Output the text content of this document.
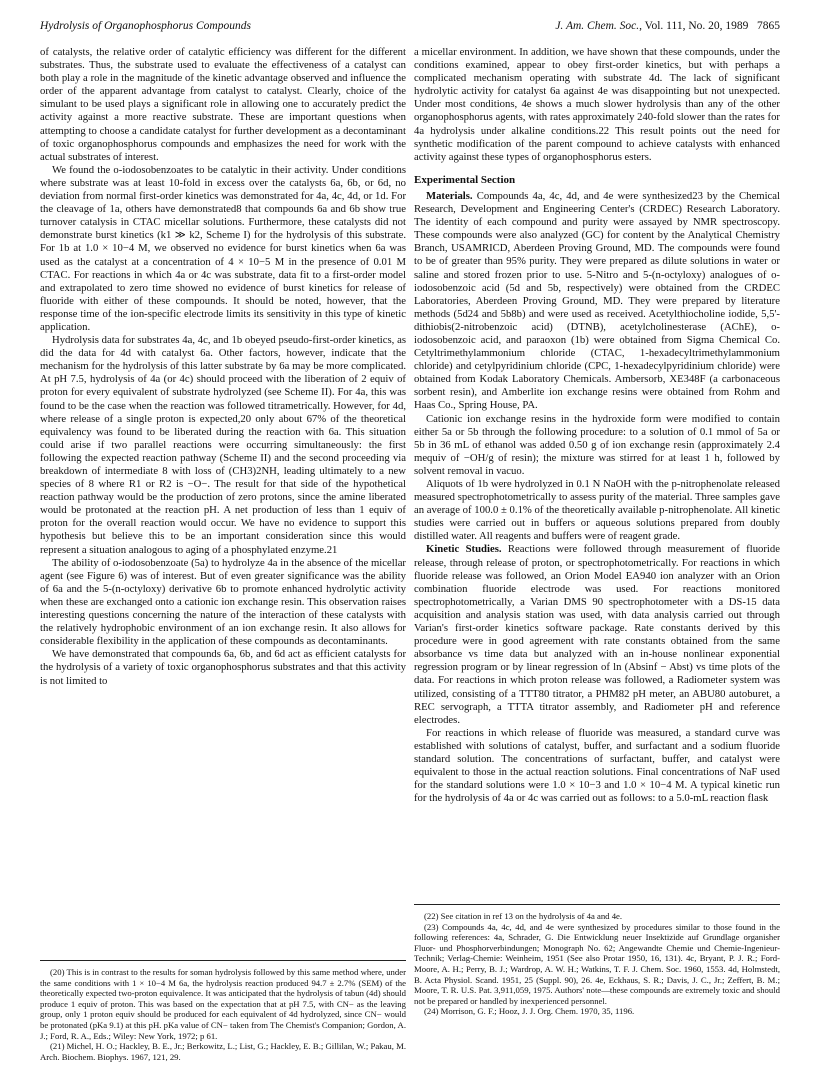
Hydrolysis of Organophosphorus Compounds	J. Am. Chem. Soc., Vol. 111, No. 20, 1989 7865

of catalysts, the relative order of catalytic efficiency was different for the different substrates. Thus, the substrate used to evaluate the effectiveness of a catalyst can both play a role in the magnitude of the kinetic advantage observed and influence the order of the apparent advantage from catalyst to catalyst. Clearly, choice of the simulant to be used plays a significant role in allowing one to accurately predict the activity against a more reactive substrate. These are important questions when attempting to choose a candidate catalyst for further development as a decontaminant of toxic organophosphorus compounds and emphasizes the need for work with the actual substrates of interest.

We found the o-iodosobenzoates to be catalytic in their activity. Under conditions where substrate was at least 10-fold in excess over the catalysts 6a, 6b, or 6d, no deviation from normal first-order kinetics was demonstrated for 4a, 4c, 4d, or 1d. For the cleavage of 1a, others have demonstrated8 that compounds 6a and 6b show true turnover catalysis in CTAC micellar solutions. Furthermore, these catalysts did not demonstrate burst kinetics (k1 ≫ k2, Scheme I) for the hydrolysis of this substrate. For 1b at 1.0 × 10−4 M, we observed no evidence for burst kinetics when 6a was used as the catalyst at a concentration of 4 × 10−5 M in the presence of 0.01 M CTAC. For reactions in which 4a or 4c was substrate, data fit to a first-order model and extrapolated to zero time showed no evidence of burst kinetics for release of fluoride with either of these compounds. It should be noted, however, that the response time of the ion-specific electrode limits its sensitivity in this type of kinetic application.

Hydrolysis data for substrates 4a, 4c, and 1b obeyed pseudo-first-order kinetics, as did the data for 4d with catalyst 6a. Other factors, however, indicate that the mechanism for the hydrolysis of this latter substrate by 6a may be more complicated. At pH 7.5, hydrolysis of 4a (or 4c) should proceed with the liberation of 2 equiv of proton for every equivalent of substrate hydrolyzed (see Scheme II). For 4a, this was found to be the case when the reaction was followed titrametrically. However, for 4d, where release of a single proton is expected,20 only about 67% of the theoretical equivalency was found to be liberated during the reaction with 6a. This situation could arise if two parallel reactions were occurring simultaneously: the first following the expected reaction pathway (Scheme II) and the second proceeding via breakdown of intermediate 8 with loss of (CH3)2NH, leading ultimately to a new species of 8 where R1 or R2 is −O−. The result for that side of the hypothetical reaction pathway would be the production of zero protons, since the amine liberated would be protonated at the reaction pH. A net production of less than 1 equiv of proton for the overall reaction would occur. We have no evidence to support this hypothesis but believe this to be an important consideration since this would represent a situation analogous to aging of a phosphylated enzyme.21

The ability of o-iodosobenzoate (5a) to hydrolyze 4a in the absence of the micellar agent (see Figure 6) was of interest. But of even greater significance was the ability of 6a and the 5-(n-octyloxy) derivative 6b to promote enhanced hydrolytic activity when these are exchanged onto a cationic ion exchange resin. This observation raises interesting questions concerning the nature of the interaction of these catalysts with the relatively hydrophobic environment of an ion exchange resin. It also allows for considerable flexibility in the application of these compounds as decontaminants.

We have demonstrated that compounds 6a, 6b, and 6d act as efficient catalysts for the hydrolysis of a variety of toxic organophosphorus substrates and that this activity is not limited to

a micellar environment. In addition, we have shown that these compounds, under the conditions examined, appear to obey first-order kinetics, but with perhaps a complicated mechanism operating with substrate 4d. The lack of significant hydrolytic activity for catalyst 6a against 4e was disappointing but not unexpected. Under most conditions, 4e shows a much slower hydrolysis than any of the other organophosphorus agents, with rates approximately 240-fold slower than the rates for 4a hydrolysis under alkaline conditions.22 This result points out the need for synthetic modification of the parent compound to achieve catalysts with enhanced activity against these types of organophosphorus esters.

Experimental Section

Materials. Compounds 4a, 4c, 4d, and 4e were synthesized23 by the Chemical Research, Development and Engineering Center's (CRDEC) Research Laboratory. The identity of each compound and purity were assayed by NMR spectroscopy. These compounds were also analyzed (GC) for content by the Analytical Chemistry Branch, USAMRICD, Aberdeen Proving Ground, MD. The compounds were found to be of greater than 95% purity. They were prepared as dilute solutions in water or saline and stored frozen prior to use. 5-Nitro and 5-(n-octyloxy) analogues of o-iodosobenzoic acid (5d and 5b, respectively) were obtained from the CRDEC Laboratories, Aberdeen Proving Ground, MD. They were prepared by literature methods (5d24 and 5b8b) and were used as received. Acetylthiocholine iodide, 5,5'-dithiobis(2-nitrobenzoic acid) (DTNB), acetylcholinesterase (AChE), o-iodosobenzoic acid, and paraoxon (1b) were obtained from Sigma Chemical Co. Cetyltrimethylammonium chloride (CTAC, 1-hexadecyltrimethylammonium chloride) and cetylpyridinium chloride (CPC, 1-hexadecylpyridinium chloride) were obtained from Kodak Laboratory Chemicals. Ambersorb, XE348F (a carbonaceous sorbent resin), and Amberlite ion exchange resins were obtained from Rohm and Haas Co., Spring House, PA.

Cationic ion exchange resins in the hydroxide form were modified to contain either 5a or 5b through the following procedure: to a solution of 0.1 mmol of 5a or 5b in 36 mL of ethanol was added 0.50 g of ion exchange resin (approximately 2.4 mequiv of −OH/g of resin); the mixture was stirred for at least 1 h, followed by solvent removal in vacuo.

Aliquots of 1b were hydrolyzed in 0.1 N NaOH with the p-nitrophenolate released measured spectrophotometrically to assess purity of the material. Three samples gave an average of 100.0 ± 0.1% of the theoretically available p-nitrophenolate. All kinetic studies were carried out in buffers or aqueous solutions prepared from doubly distilled water. All reagents and buffers were of reagent grade.

Kinetic Studies. Reactions were followed through measurement of fluoride release, through release of proton, or spectrophotometrically. For reactions in which fluoride release was followed, an Orion Model EA940 ion analyzer with an Orion combination fluoride electrode was used. For reactions monitored spectrophotometrically, a Varian DMS 90 spectrophotometer with a DS-15 data acquisition and analysis station was used, with data analysis carried out through Varian's first-order kinetics software package. Rate constants derived by this procedure were in good agreement with rate constants obtained from the same absorbance vs time data but analyzed with an in-house nonlinear exponential regression program or by linear regression of ln (Absinf − Abst) vs time plots of the data. For reactions in which proton release was followed, a Radiometer system was utilized, consisting of a TTT80 titrator, a PHM82 pH meter, an ABU80 autoburet, a REC servograph, a TTTA titrator assembly, and Radiometer pH and reference electrodes.

For reactions in which release of fluoride was measured, a standard curve was established with solutions of catalyst, buffer, and surfactant and a sodium fluoride standard solution. The concentrations of surfactant, buffer, and catalyst were equivalent to those in the actual reaction solutions. Final concentrations of NaF used for the standard solutions were 1.0 × 10−3 and 1.0 × 10−4 M. A typical kinetic run for the hydrolysis of 4a or 4c was carried out as follows: to a 5.0-mL reaction flask

(20) This is in contrast to the results for soman hydrolysis followed by this same method where, under the same conditions with 1 × 10−4 M 6a, the hydrolysis reaction produced 94.7 ± 2.7% (SEM) of the theoretically expected two-proton equivalence. It was anticipated that the hydrolysis of tabun (4d) should produce 1 equiv of proton. This was based on the expectation that at pH 7.5, with CN− as the leaving group, only 1 proton equiv should be produced for each equivalent of 4d hydrolyzed, since CN− would be protonated (pKa 9.1) at this pH. pKa value of CN− taken from The Chemist's Companion; Gordon, A. J.; Ford, R. A., Eds.; Wiley: New York, 1972; p 61.

(21) Michel, H. O.; Hackley, B. E., Jr.; Berkowitz, L.; List, G.; Hackley, E. B.; Gillilan, W.; Pakau, M. Arch. Biochem. Biophys. 1967, 121, 29.

(22) See citation in ref 13 on the hydrolysis of 4a and 4e.

(23) Compounds 4a, 4c, 4d, and 4e were synthesized by procedures similar to those found in the following references: 4a, Schrader, G. Die Entwicklung neuer Insektizide auf Grundlage organisher Fluor- und Phosphorverbindungen; Monograph No. 62; Angewandte Chemie und Chemie-Ingenieur-Technik; Verlag-Chemie: Weinheim, 1951 (See also Protar 1950, 16, 131). 4c, Bryant, P. J. R.; Ford-Moore, A. H.; Perry, B. J.; Wardrop, A. W. H.; Watkins, T. F. J. Chem. Soc. 1960, 1553. 4d, Holmstedt, B. Acta Physiol. Scand. 1951, 25 (Suppl. 90), 26. 4e, Eckhaus, S. R.; Davis, J. C., Jr.; Zeffert, B. M.; Moore, T. R. U.S. Pat. 3,911,059, 1975. Authors' note—these compounds are extremely toxic and should not be prepared or handled by inexperienced personnel.

(24) Morrison, G. F.; Hooz, J. J. Org. Chem. 1970, 35, 1196.
